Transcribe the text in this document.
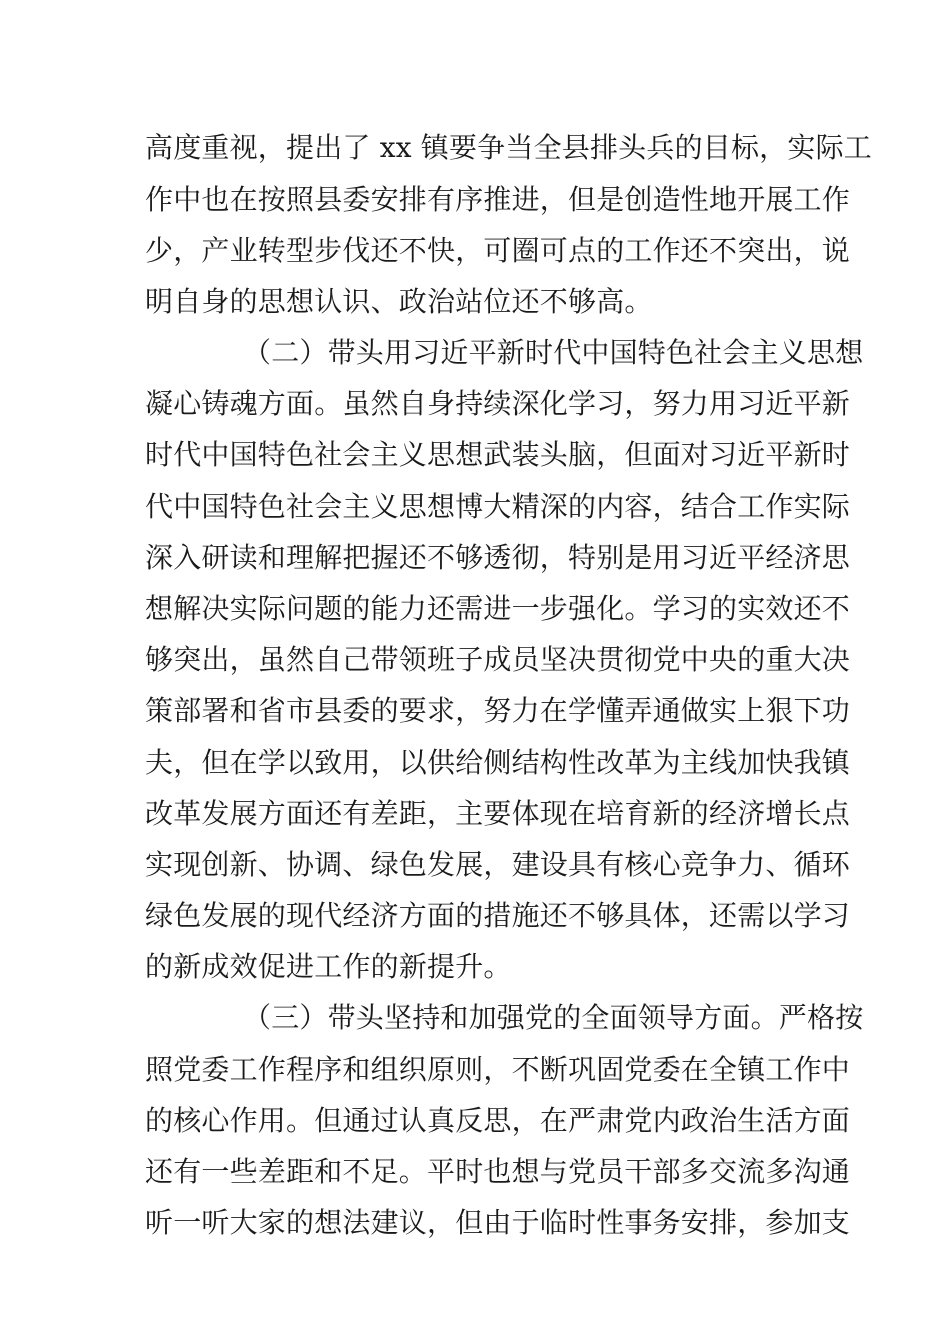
高度重视，提出了 xx 镇要争当全县排头兵的目标，实际工
作中也在按照县委安排有序推进，但是创造性地开展工作
少，产业转型步伐还不快，可圈可点的工作还不突出，说
明自身的思想认识、政治站位还不够高。
（二）带头用习近平新时代中国特色社会主义思想
凝心铸魂方面。虽然自身持续深化学习，努力用习近平新
时代中国特色社会主义思想武装头脑，但面对习近平新时
代中国特色社会主义思想博大精深的内容，结合工作实际
深入研读和理解把握还不够透彻，特别是用习近平经济思
想解决实际问题的能力还需进一步强化。学习的实效还不
够突出，虽然自己带领班子成员坚决贯彻党中央的重大决
策部署和省市县委的要求，努力在学懂弄通做实上狠下功
夫，但在学以致用，以供给侧结构性改革为主线加快我镇
改革发展方面还有差距，主要体现在培育新的经济增长点
实现创新、协调、绿色发展，建设具有核心竞争力、循环
绿色发展的现代经济方面的措施还不够具体，还需以学习
的新成效促进工作的新提升。
（三）带头坚持和加强党的全面领导方面。严格按
照党委工作程序和组织原则，不断巩固党委在全镇工作中
的核心作用。但通过认真反思，在严肃党内政治生活方面
还有一些差距和不足。平时也想与党员干部多交流多沟通
听一听大家的想法建议，但由于临时性事务安排，参加支
